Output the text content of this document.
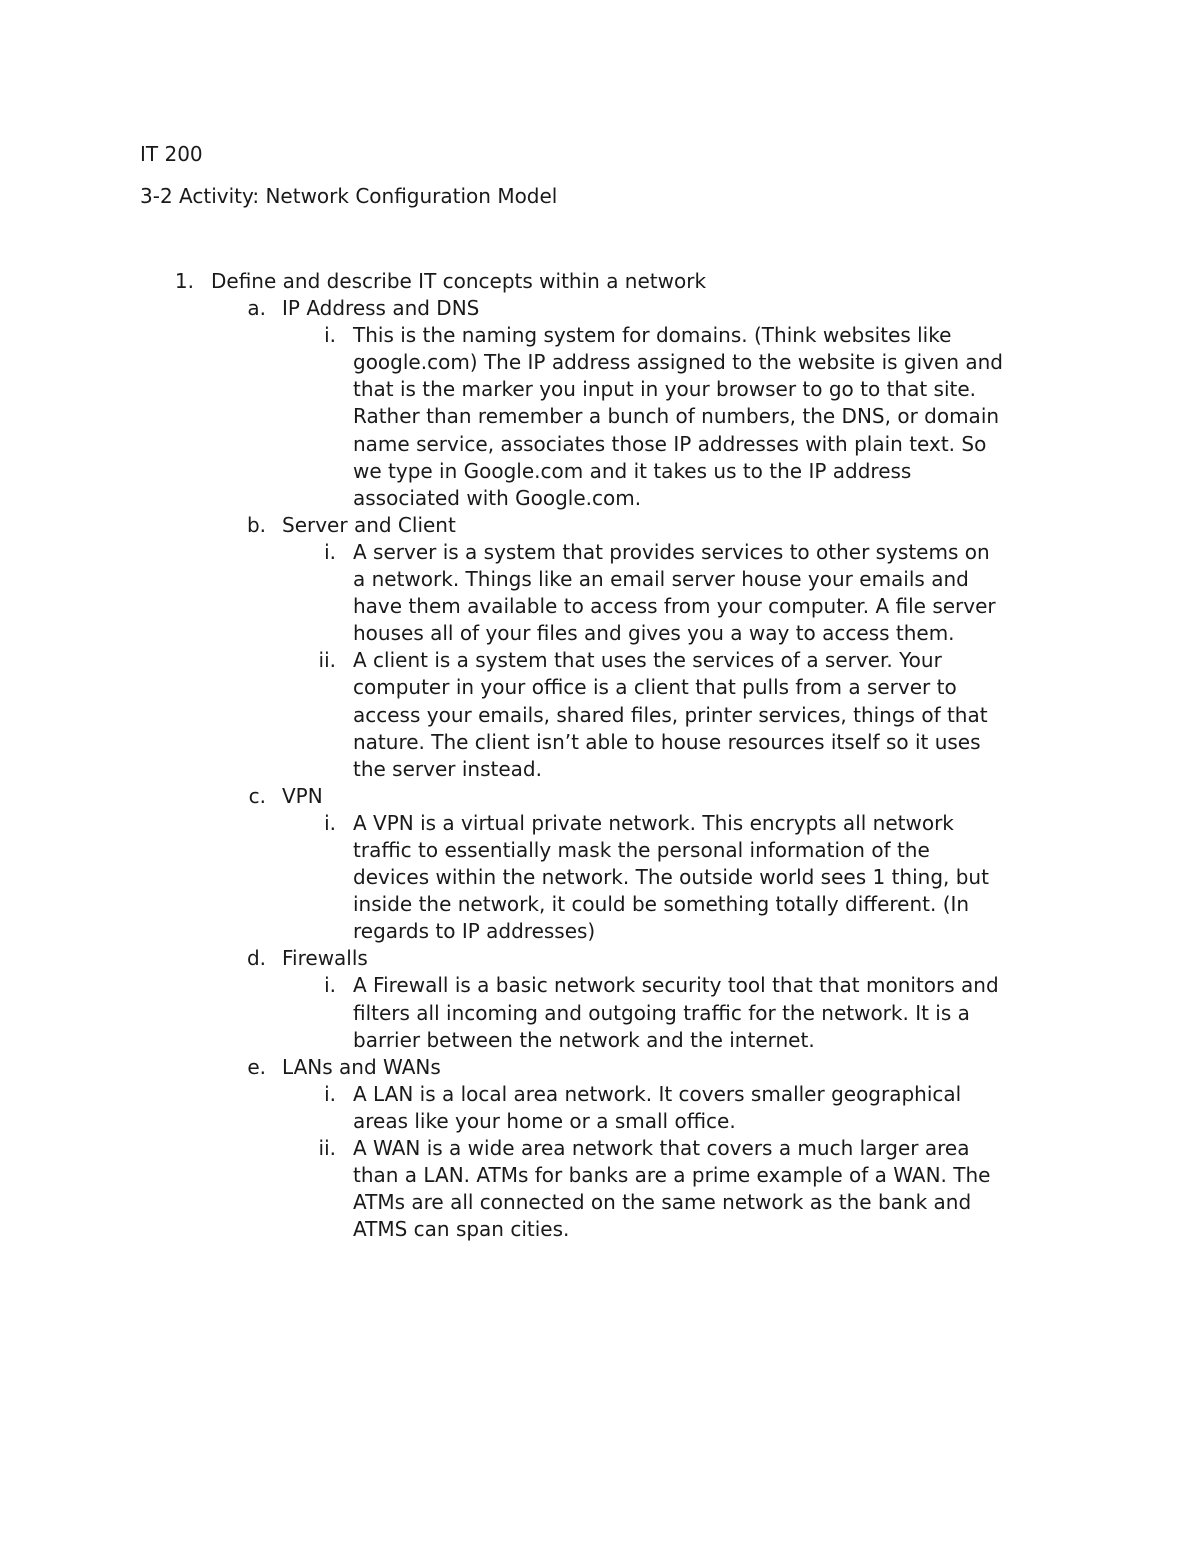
IT 200
3-2 Activity: Network Configuration Model
1. Define and describe IT concepts within a network
a. IP Address and DNS
i. This is the naming system for domains. (Think websites like
google.com) The IP address assigned to the website is given and
that is the marker you input in your browser to go to that site.
Rather than remember a bunch of numbers, the DNS, or domain
name service, associates those IP addresses with plain text. So
we type in Google.com and it takes us to the IP address
associated with Google.com.
b. Server and Client
i. A server is a system that provides services to other systems on
a network. Things like an email server house your emails and
have them available to access from your computer. A file server
houses all of your files and gives you a way to access them.
ii. A client is a system that uses the services of a server. Your
computer in your office is a client that pulls from a server to
access your emails, shared files, printer services, things of that
nature. The client isn’t able to house resources itself so it uses
the server instead.
c. VPN
i. A VPN is a virtual private network. This encrypts all network
traffic to essentially mask the personal information of the
devices within the network. The outside world sees 1 thing, but
inside the network, it could be something totally different. (In
regards to IP addresses)
d. Firewalls
i. A Firewall is a basic network security tool that that monitors and
filters all incoming and outgoing traffic for the network. It is a
barrier between the network and the internet.
e. LANs and WANs
i. A LAN is a local area network. It covers smaller geographical
areas like your home or a small office.
ii. A WAN is a wide area network that covers a much larger area
than a LAN. ATMs for banks are a prime example of a WAN. The
ATMs are all connected on the same network as the bank and
ATMS can span cities.
